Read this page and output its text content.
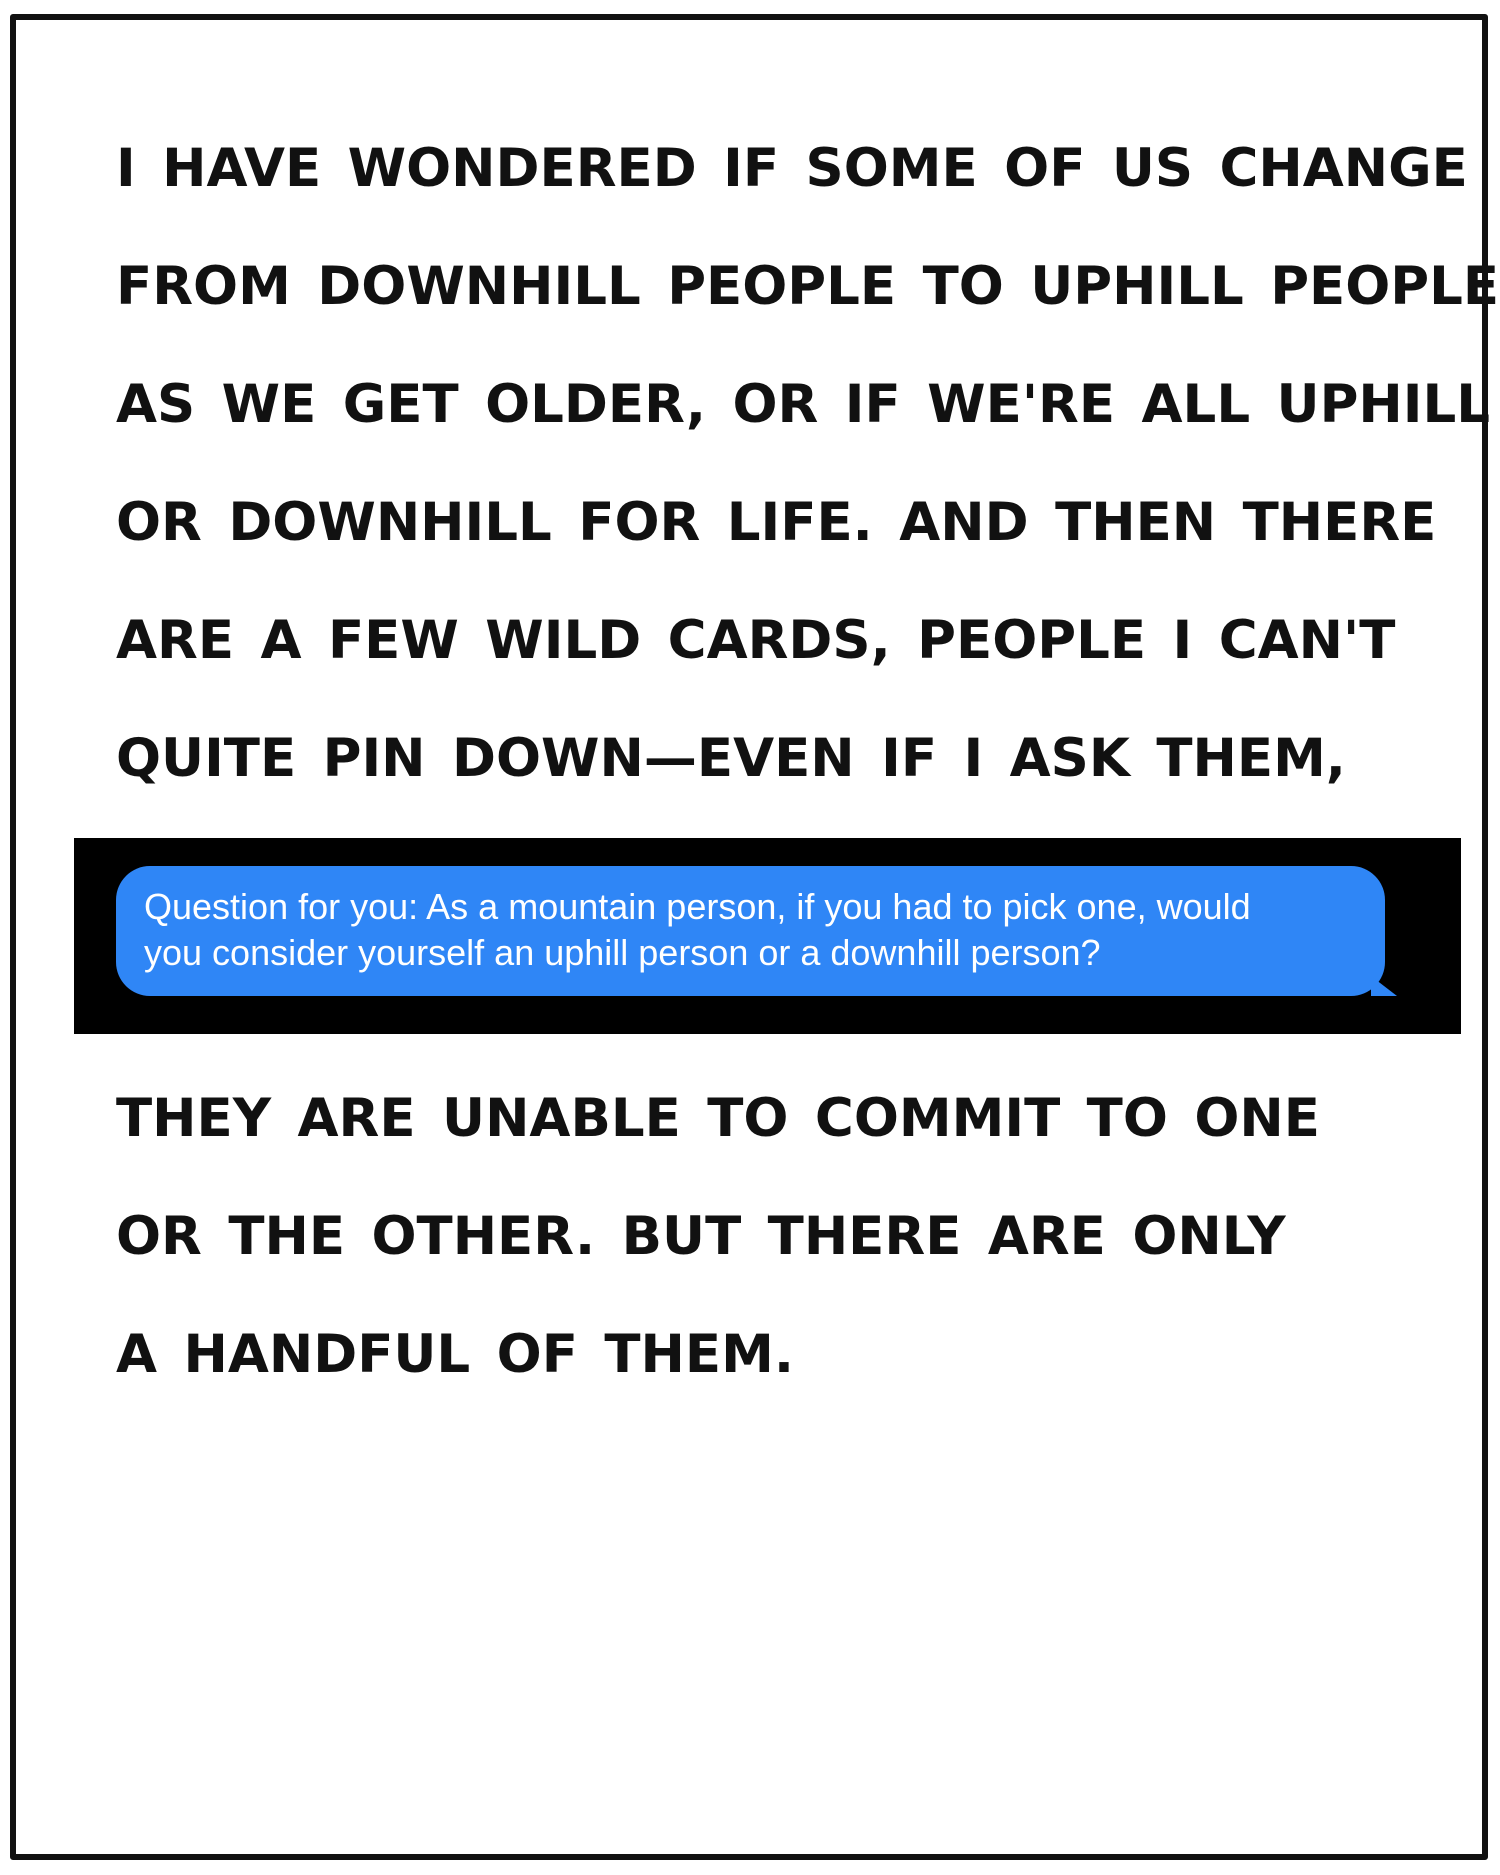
I HAVE WONDERED IF SOME OF US CHANGE
FROM DOWNHILL PEOPLE TO UPHILL PEOPLE
AS WE GET OLDER, OR IF WE'RE ALL UPHILL
OR DOWNHILL FOR LIFE. AND THEN THERE
ARE A FEW WILD CARDS, PEOPLE I CAN'T
QUITE PIN DOWN—EVEN IF I ASK THEM,
Question for you: As a mountain person, if you had to pick one, would
you consider yourself an uphill person or a downhill person?
THEY ARE UNABLE TO COMMIT TO ONE
OR THE OTHER. BUT THERE ARE ONLY
A HANDFUL OF THEM.
